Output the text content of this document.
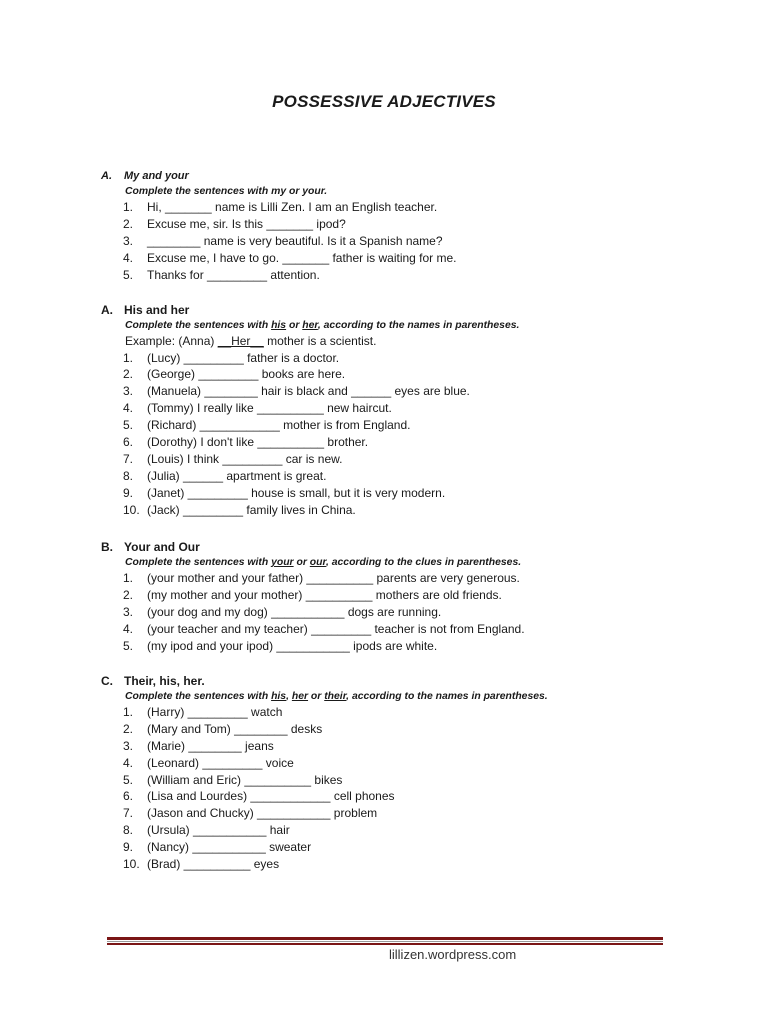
POSSESSIVE ADJECTIVES
A.	My and your
Complete the sentences with my or your.
1.	Hi, _______ name is Lilli Zen. I am an English teacher.
2.	Excuse me, sir. Is this _______ ipod?
3.	________ name is very beautiful. Is it a Spanish name?
4.	Excuse me, I have to go. _______ father is waiting for me.
5.	Thanks for _________ attention.
A. His and her
Complete the sentences with his or her, according to the names in parentheses.
Example: (Anna) __Her__ mother is a scientist.
1.	(Lucy) _________ father is a doctor.
2.	(George) _________ books are here.
3.	(Manuela) ________ hair is black and ______ eyes are blue.
4.	(Tommy) I really like __________ new haircut.
5.	(Richard) ____________ mother is from England.
6.	(Dorothy) I don't like __________ brother.
7.	(Louis) I think _________ car is new.
8.	(Julia) ______ apartment is great.
9.	(Janet) _________ house is small, but it is very modern.
10. (Jack) _________ family lives in China.
B. Your and Our
Complete the sentences with your or our, according to the clues in parentheses.
1.	(your mother and your father) __________ parents are very generous.
2.	(my mother and your mother) __________ mothers are old friends.
3.	(your dog and my dog) ___________ dogs are running.
4.	(your teacher and my teacher) _________ teacher is not from England.
5.	(my ipod and your ipod) ___________ ipods are white.
C. Their, his, her.
Complete the sentences with his, her or their, according to the names in parentheses.
1.	(Harry) _________ watch
2.	(Mary and Tom) ________ desks
3.	(Marie) ________ jeans
4.	(Leonard) _________ voice
5.	(William and Eric) __________ bikes
6.	(Lisa and Lourdes) ____________ cell phones
7.	(Jason and Chucky) ___________ problem
8.	(Ursula) ___________ hair
9.	(Nancy) ___________ sweater
10. (Brad) __________ eyes
lillizen.wordpress.com
